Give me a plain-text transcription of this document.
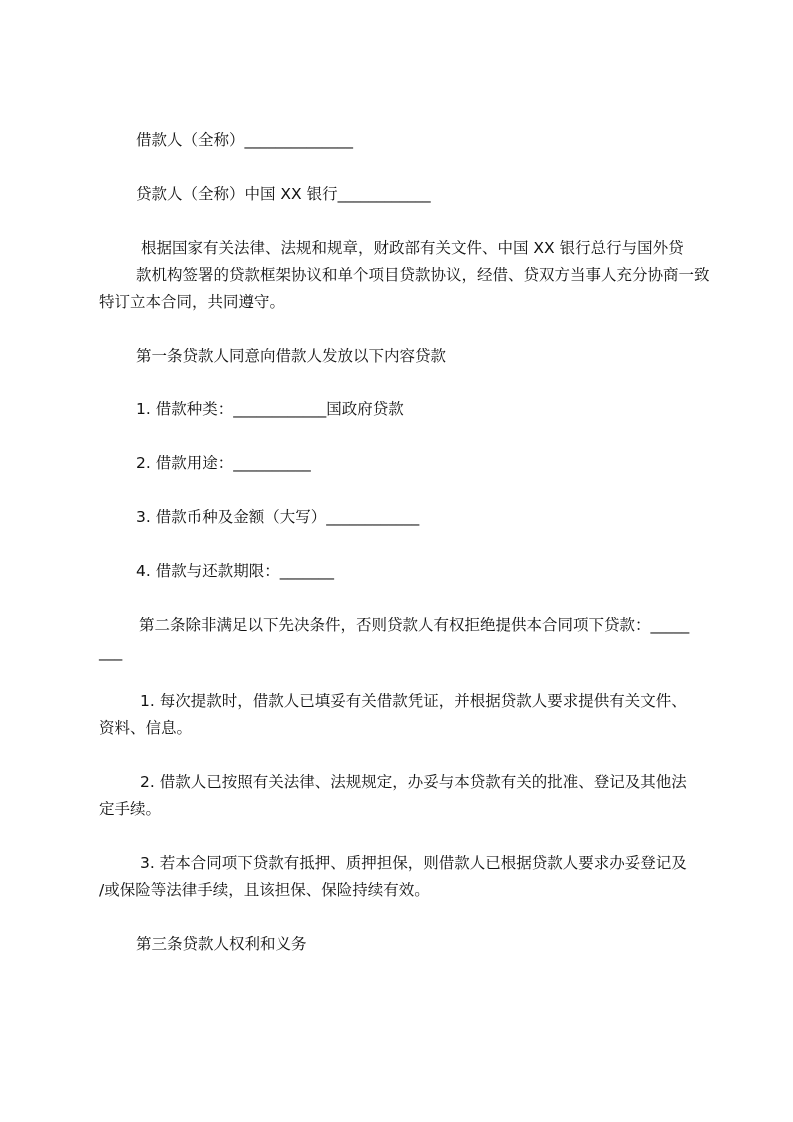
借款人（全称）______________

贷款人（全称）中国 XX 银行____________

根据国家有关法律、法规和规章，财政部有关文件、中国 XX 银行总行与国外贷

款机构签署的贷款框架协议和单个项目贷款协议，经借、贷双方当事人充分协商一致

特订立本合同，共同遵守。

第一条贷款人同意向借款人发放以下内容贷款

1. 借款种类：____________国政府贷款

2. 借款用途：__________

3. 借款币种及金额（大写）____________

4. 借款与还款期限：_______

第二条除非满足以下先决条件，否则贷款人有权拒绝提供本合同项下贷款：_____

___

1. 每次提款时，借款人已填妥有关借款凭证，并根据贷款人要求提供有关文件、

资料、信息。

2. 借款人已按照有关法律、法规规定，办妥与本贷款有关的批准、登记及其他法

定手续。

3. 若本合同项下贷款有抵押、质押担保，则借款人已根据贷款人要求办妥登记及

/或保险等法律手续，且该担保、保险持续有效。

第三条贷款人权利和义务
